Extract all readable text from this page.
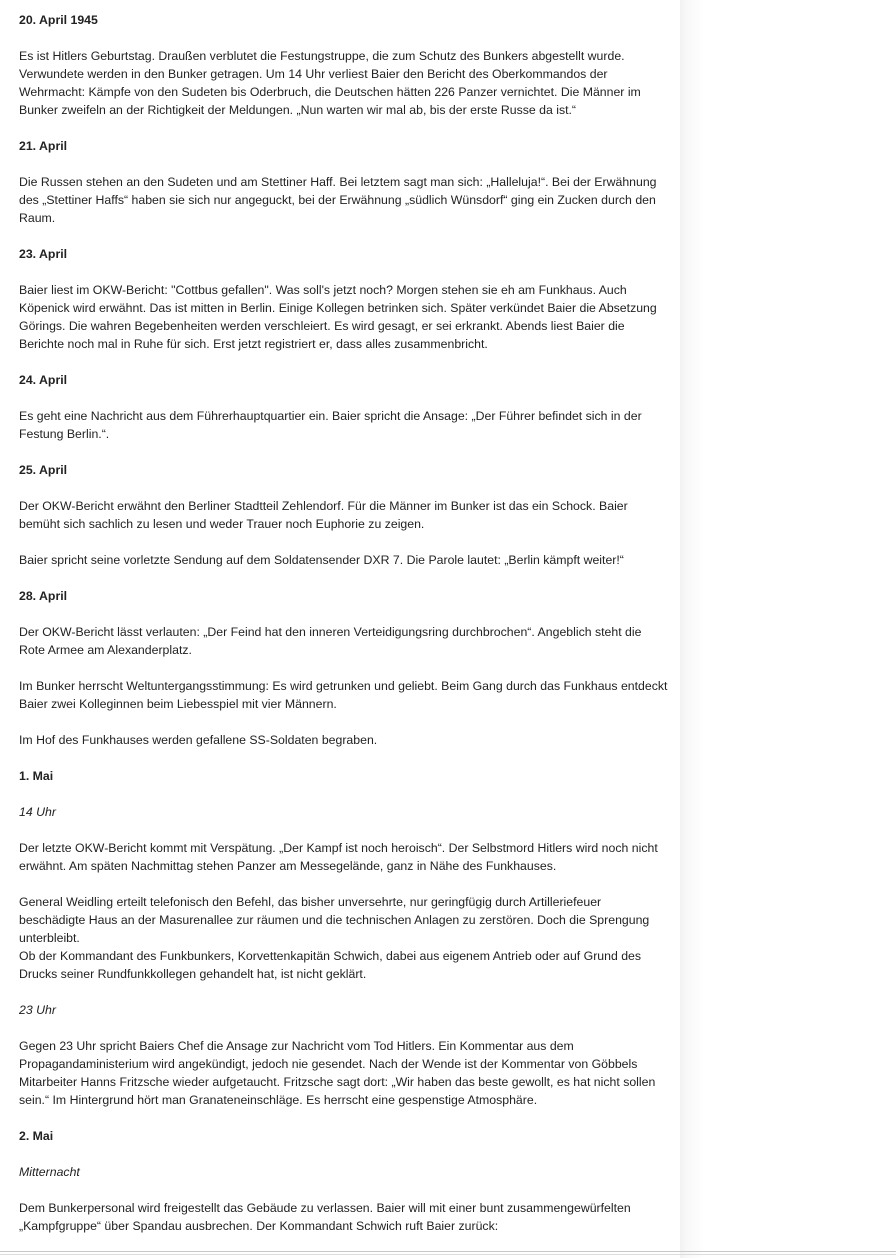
20. April 1945

Es ist Hitlers Geburtstag. Draußen verblutet die Festungstruppe, die zum Schutz des Bunkers abgestellt wurde. Verwundete werden in den Bunker getragen. Um 14 Uhr verliest Baier den Bericht des Oberkommandos der Wehrmacht: Kämpfe von den Sudeten bis Oderbruch, die Deutschen hätten 226 Panzer vernichtet. Die Männer im Bunker zweifeln an der Richtigkeit der Meldungen. „Nun warten wir mal ab, bis der erste Russe da ist.“

21. April

Die Russen stehen an den Sudeten und am Stettiner Haff. Bei letztem sagt man sich: „Halleluja!“. Bei der Erwähnung des „Stettiner Haffs“ haben sie sich nur angeguckt, bei der Erwähnung „südlich Wünsdorf“ ging ein Zucken durch den Raum.

23. April

Baier liest im OKW-Bericht: "Cottbus gefallen". Was soll's jetzt noch? Morgen stehen sie eh am Funkhaus. Auch Köpenick wird erwähnt. Das ist mitten in Berlin. Einige Kollegen betrinken sich. Später verkündet Baier die Absetzung Görings. Die wahren Begebenheiten werden verschleiert. Es wird gesagt, er sei erkrankt. Abends liest Baier die Berichte noch mal in Ruhe für sich. Erst jetzt registriert er, dass alles zusammenbricht.

24. April

Es geht eine Nachricht aus dem Führerhauptquartier ein. Baier spricht die Ansage: „Der Führer befindet sich in der Festung Berlin.“.

25. April

Der OKW-Bericht erwähnt den Berliner Stadtteil Zehlendorf. Für die Männer im Bunker ist das ein Schock. Baier bemüht sich sachlich zu lesen und weder Trauer noch Euphorie zu zeigen.

Baier spricht seine vorletzte Sendung auf dem Soldatensender DXR 7. Die Parole lautet: „Berlin kämpft weiter!“

28. April

Der OKW-Bericht lässt verlauten: „Der Feind hat den inneren Verteidigungsring durchbrochen“. Angeblich steht die Rote Armee am Alexanderplatz.

Im Bunker herrscht Weltuntergangsstimmung: Es wird getrunken und geliebt. Beim Gang durch das Funkhaus entdeckt Baier zwei Kolleginnen beim Liebesspiel mit vier Männern.

Im Hof des Funkhauses werden gefallene SS-Soldaten begraben.

1. Mai

14 Uhr

Der letzte OKW-Bericht kommt mit Verspätung. „Der Kampf ist noch heroisch“. Der Selbstmord Hitlers wird noch nicht erwähnt. Am späten Nachmittag stehen Panzer am Messegelände, ganz in Nähe des Funkhauses.

General Weidling erteilt telefonisch den Befehl, das bisher unversehrte, nur geringfügig durch Artilleriefeuer beschädigte Haus an der Masurenallee zur räumen und die technischen Anlagen zu zerstören. Doch die Sprengung unterbleibt.
Ob der Kommandant des Funkbunkers, Korvettenkapitän Schwich, dabei aus eigenem Antrieb oder auf Grund des Drucks seiner Rundfunkkollegen gehandelt hat, ist nicht geklärt.

23 Uhr

Gegen 23 Uhr spricht Baiers Chef die Ansage zur Nachricht vom Tod Hitlers. Ein Kommentar aus dem Propagandaministerium wird angekündigt, jedoch nie gesendet. Nach der Wende ist der Kommentar von Göbbels Mitarbeiter Hanns Fritzsche wieder aufgetaucht. Fritzsche sagt dort: „Wir haben das beste gewollt, es hat nicht sollen sein.“ Im Hintergrund hört man Granateneinschläge. Es herrscht eine gespenstige Atmosphäre.

2. Mai

Mitternacht

Dem Bunkerpersonal wird freigestellt das Gebäude zu verlassen. Baier will mit einer bunt zusammengewürfelten „Kampfgruppe“ über Spandau ausbrechen. Der Kommandant Schwich ruft Baier zurück:
